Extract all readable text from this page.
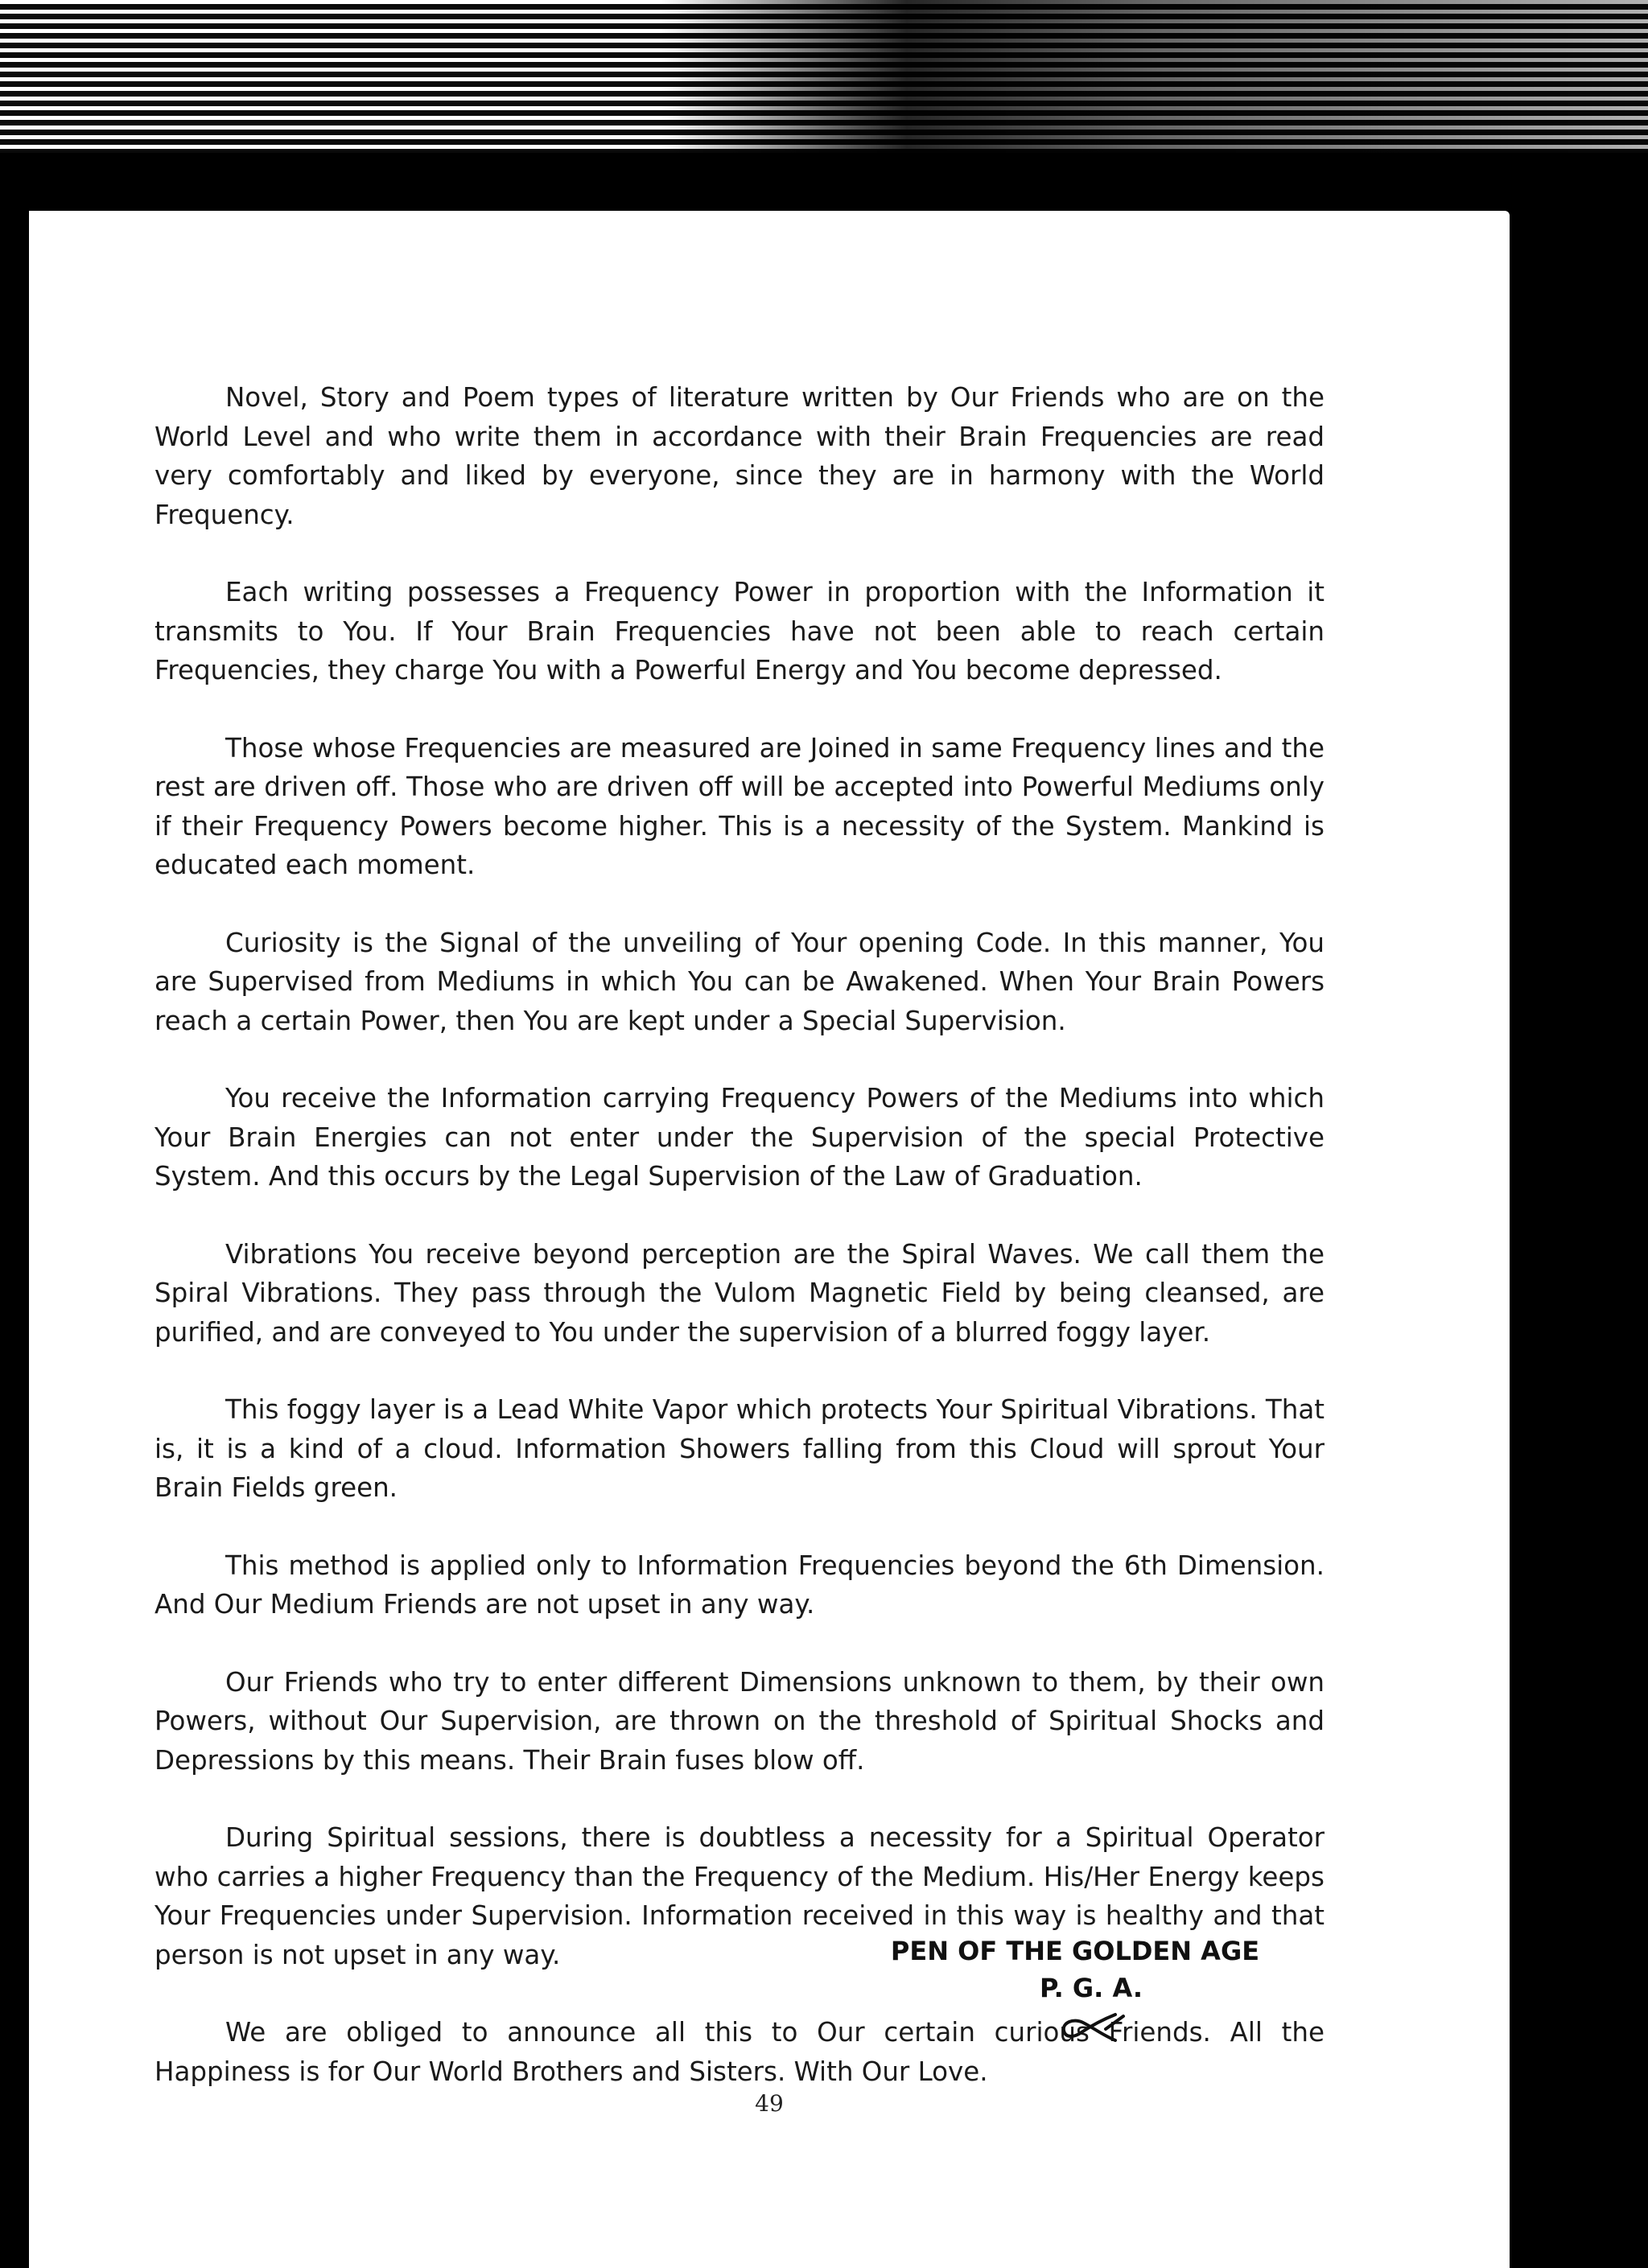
Novel, Story and Poem types of literature written by Our Friends who are on the World Level and who write them in accordance with their Brain Frequencies are read very comfortably and liked by everyone, since they are in harmony with the World Frequency.

Each writing possesses a Frequency Power in proportion with the Information it transmits to You. If Your Brain Frequencies have not been able to reach certain Frequencies, they charge You with a Powerful Energy and You become depressed.

Those whose Frequencies are measured are Joined in same Frequency lines and the rest are driven off. Those who are driven off will be accepted into Powerful Mediums only if their Frequency Powers become higher. This is a necessity of the System. Mankind is educated each moment.

Curiosity is the Signal of the unveiling of Your opening Code. In this manner, You are Supervised from Mediums in which You can be Awakened. When Your Brain Powers reach a certain Power, then You are kept under a Special Supervision.

You receive the Information carrying Frequency Powers of the Mediums into which Your Brain Energies can not enter under the Supervision of the special Protective System. And this occurs by the Legal Supervision of the Law of Graduation.

Vibrations You receive beyond perception are the Spiral Waves. We call them the Spiral Vibrations. They pass through the Vulom Magnetic Field by being cleansed, are purified, and are conveyed to You under the supervision of a blurred foggy layer.

This foggy layer is a Lead White Vapor which protects Your Spiritual Vibrations. That is, it is a kind of a cloud. Information Showers falling from this Cloud will sprout Your Brain Fields green.

This method is applied only to Information Frequencies beyond the 6th Dimension. And Our Medium Friends are not upset in any way.

Our Friends who try to enter different Dimensions unknown to them, by their own Powers, without Our Supervision, are thrown on the threshold of Spiritual Shocks and Depressions by this means. Their Brain fuses blow off.

During Spiritual sessions, there is doubtless a necessity for a Spiritual Operator who carries a higher Frequency than the Frequency of the Medium. His/Her Energy keeps Your Frequencies under Supervision. Information received in this way is healthy and that person is not upset in any way.

We are obliged to announce all this to Our certain curious Friends. All the Happiness is for Our World Brothers and Sisters. With Our Love.

PEN OF THE GOLDEN AGE
P. G. A.
49
